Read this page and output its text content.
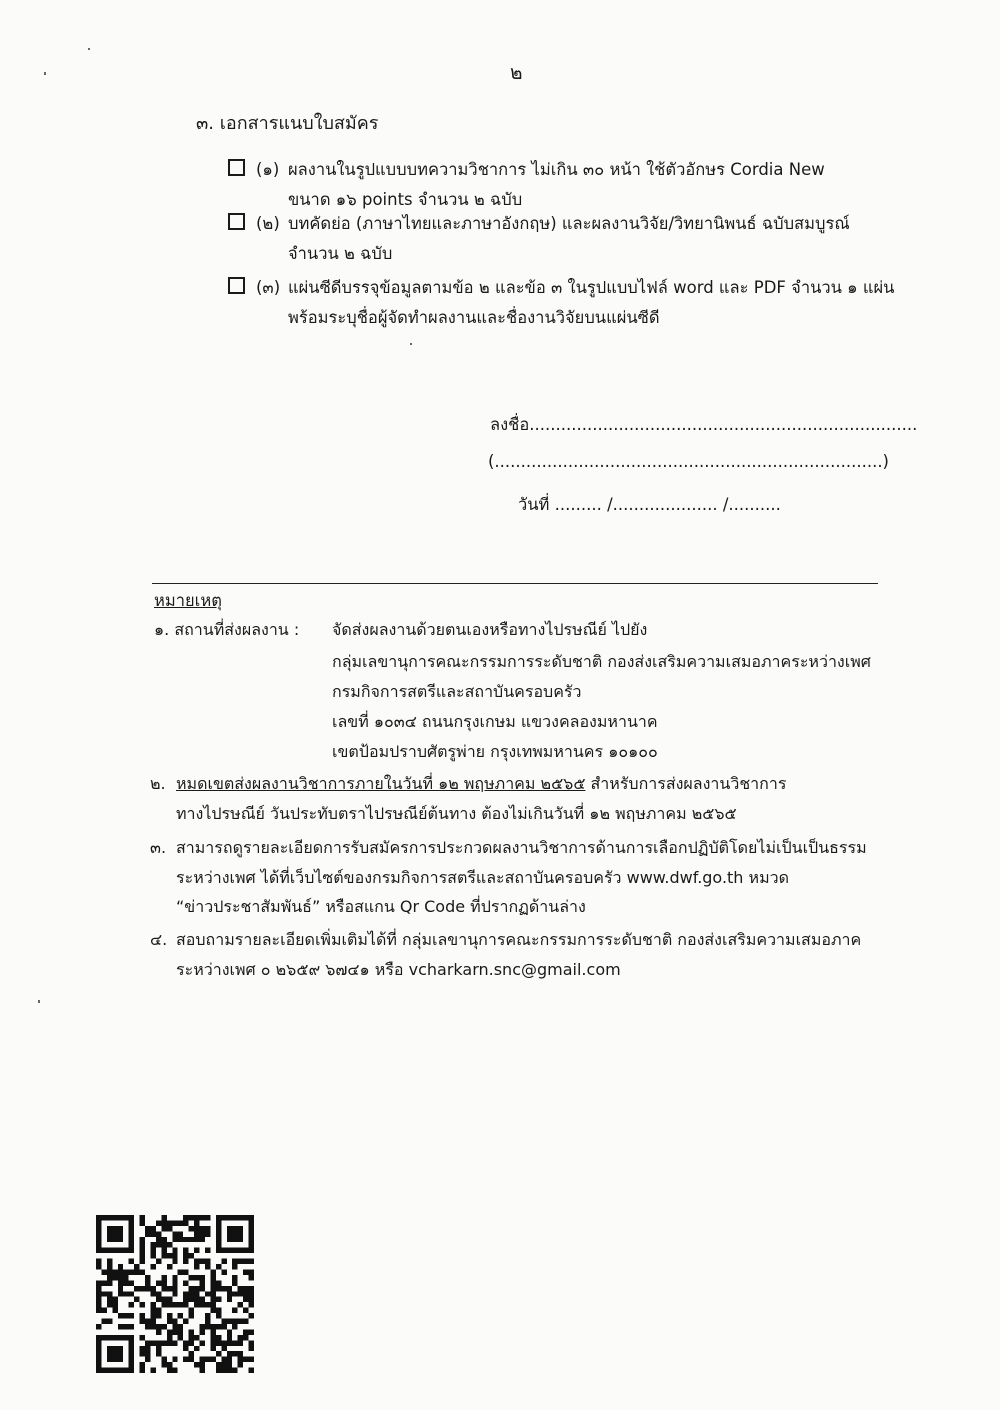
๒
๓. เอกสารแนบใบสมัคร
(๑) ผลงานในรูปแบบบทความวิชาการ ไม่เกิน ๓๐ หน้า ใช้ตัวอักษร Cordia New
ขนาด ๑๖ points จำนวน ๒ ฉบับ
(๒) บทคัดย่อ (ภาษาไทยและภาษาอังกฤษ) และผลงานวิจัย/วิทยานิพนธ์ ฉบับสมบูรณ์
จำนวน ๒ ฉบับ
(๓) แผ่นซีดีบรรจุข้อมูลตามข้อ ๒ และข้อ ๓ ในรูปแบบไฟล์ word และ PDF จำนวน ๑ แผ่น
พร้อมระบุชื่อผู้จัดทำผลงานและชื่องานวิจัยบนแผ่นซีดี
ลงชื่อ..........................................................................
(..........................................................................)
วันที่ ......... /.................... /..........
หมายเหตุ
๑. สถานที่ส่งผลงาน : จัดส่งผลงานด้วยตนเองหรือทางไปรษณีย์ ไปยัง
กลุ่มเลขานุการคณะกรรมการระดับชาติ กองส่งเสริมความเสมอภาคระหว่างเพศ
กรมกิจการสตรีและสถาบันครอบครัว
เลขที่ ๑๐๓๔ ถนนกรุงเกษม แขวงคลองมหานาค
เขตป้อมปราบศัตรูพ่าย กรุงเทพมหานคร ๑๐๑๐๐
๒. หมดเขตส่งผลงานวิชาการภายในวันที่ ๑๒ พฤษภาคม ๒๕๖๕ สำหรับการส่งผลงานวิชาการ
ทางไปรษณีย์ วันประทับตราไปรษณีย์ต้นทาง ต้องไม่เกินวันที่ ๑๒ พฤษภาคม ๒๕๖๕
๓. สามารถดูรายละเอียดการรับสมัครการประกวดผลงานวิชาการด้านการเลือกปฏิบัติโดยไม่เป็นเป็นธรรม
ระหว่างเพศ ได้ที่เว็บไซต์ของกรมกิจการสตรีและสถาบันครอบครัว www.dwf.go.th หมวด
“ข่าวประชาสัมพันธ์” หรือสแกน Qr Code ที่ปรากฏด้านล่าง
๔. สอบถามรายละเอียดเพิ่มเติมได้ที่ กลุ่มเลขานุการคณะกรรมการระดับชาติ กองส่งเสริมความเสมอภาค
ระหว่างเพศ ๐ ๒๖๕๙ ๖๗๔๑ หรือ vcharkarn.snc@gmail.com
